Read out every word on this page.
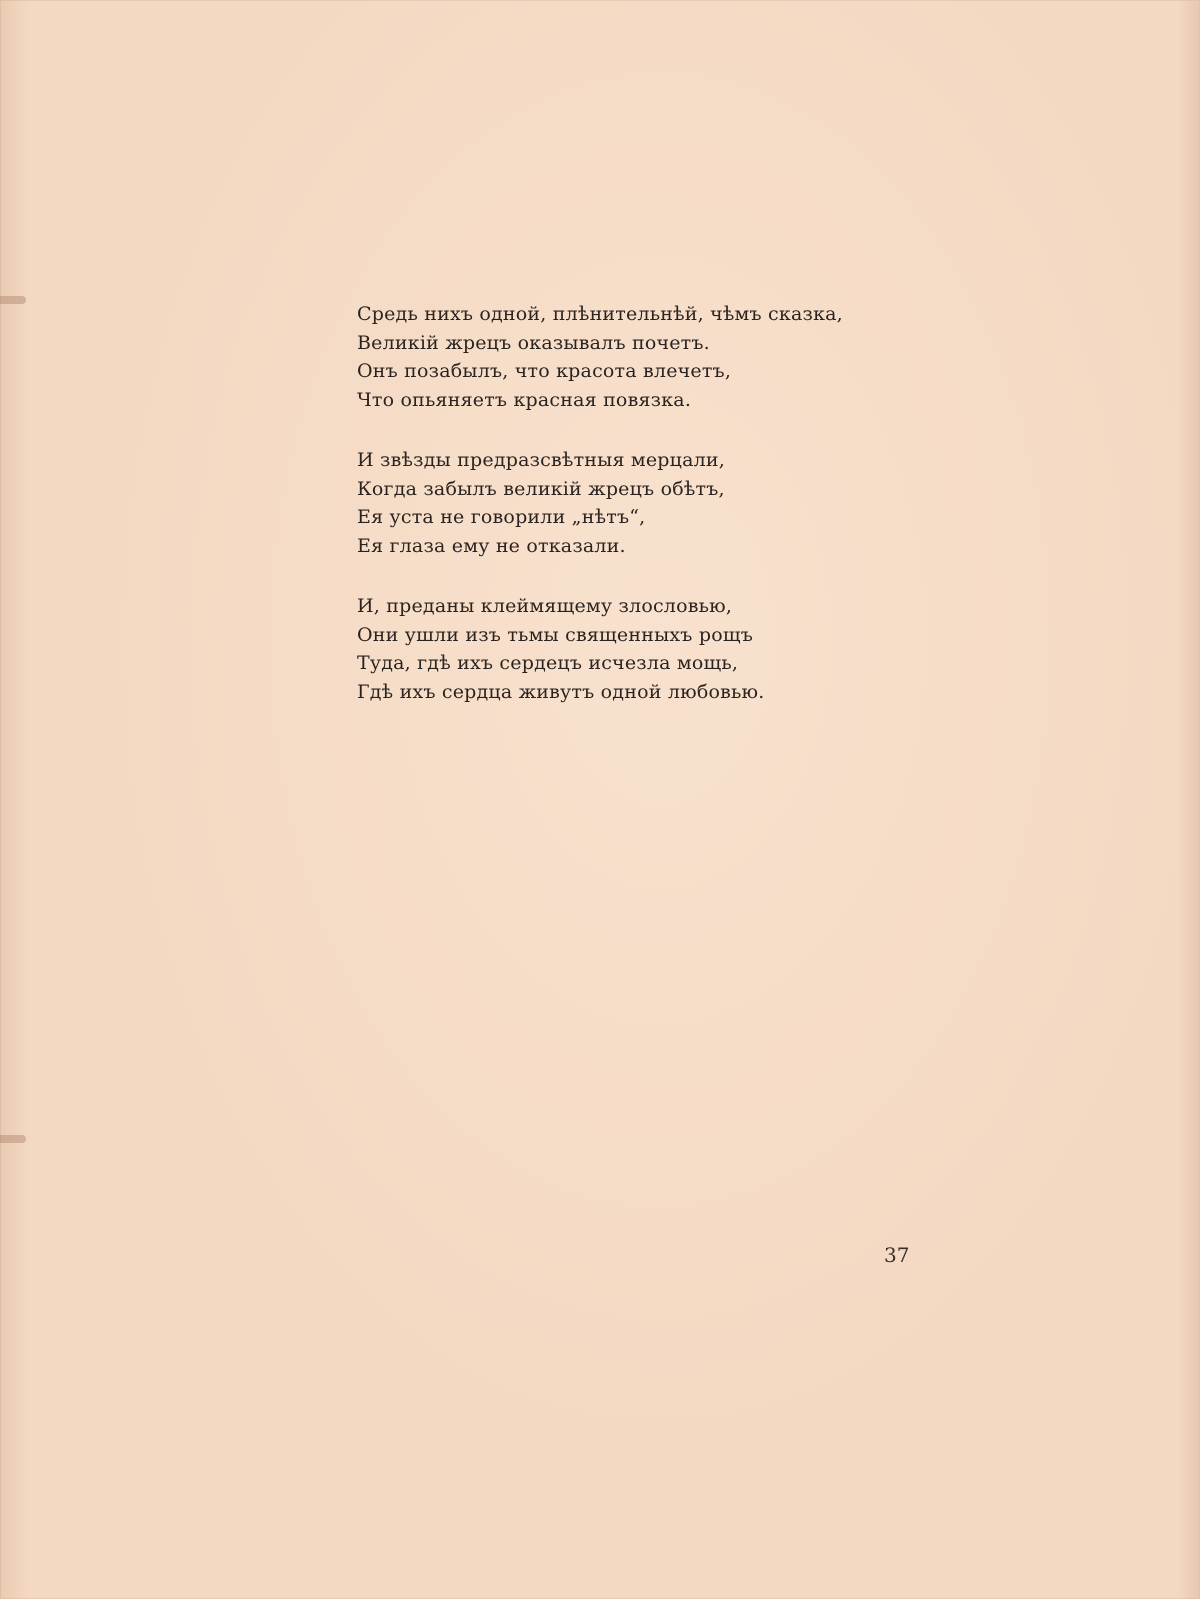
Средь нихъ одной, плѣнительнѣй, чѣмъ сказка,
Великій жрецъ оказывалъ почетъ.
Онъ позабылъ, что красота влечетъ,
Что опьяняетъ красная повязка.
И звѣзды предразсвѣтныя мерцали,
Когда забылъ великій жрецъ обѣтъ,
Ея уста не говорили „нѣтъ“,
Ея глаза ему не отказали.
И, преданы клеймящему злословью,
Они ушли изъ тьмы священныхъ рощъ
Туда, гдѣ ихъ сердецъ исчезла мощь,
Гдѣ ихъ сердца живутъ одной любовью.
37
